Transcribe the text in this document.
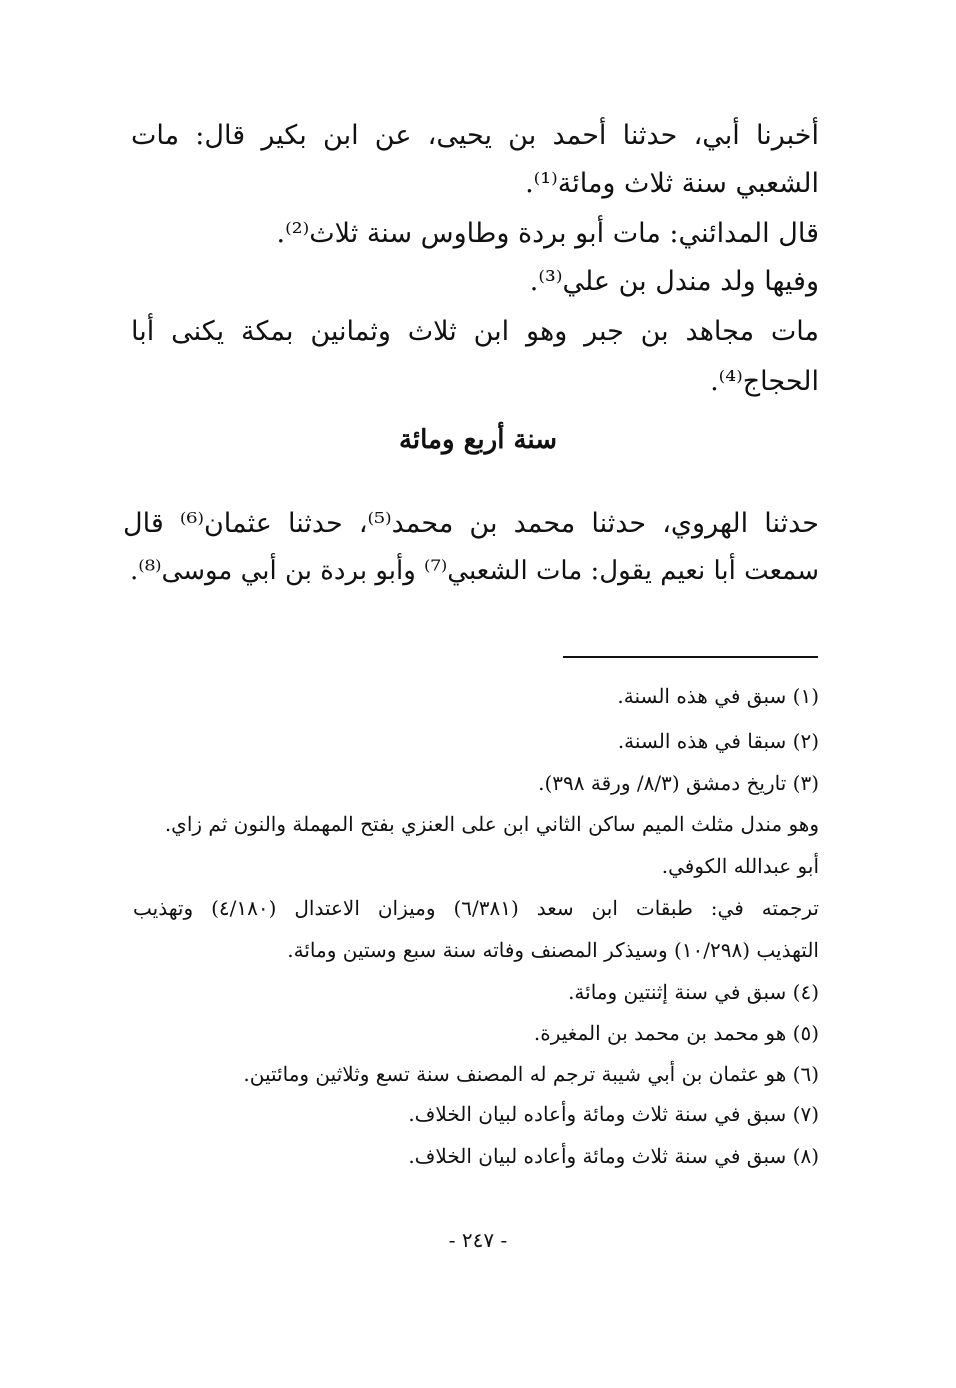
أخبرنا أبي، حدثنا أحمد بن يحيى، عن ابن بكير قال: مات
الشعبي سنة ثلاث ومائة⁽¹⁾.
قال المدائني: مات أبو بردة وطاوس سنة ثلاث⁽²⁾.
وفيها ولد مندل بن علي⁽³⁾.
مات مجاهد بن جبر وهو ابن ثلاث وثمانين بمكة يكنى أبا
الحجاج⁽⁴⁾.
سنة أربع ومائة
حدثنا الهروي، حدثنا محمد بن محمد⁽⁵⁾، حدثنا عثمان⁽⁶⁾ قال
سمعت أبا نعيم يقول: مات الشعبي⁽⁷⁾ وأبو بردة بن أبي موسى⁽⁸⁾.
(١) سبق في هذه السنة.
(٢) سبقا في هذه السنة.
(٣) تاريخ دمشق (٨/٣/ ورقة ٣٩٨).
وهو مندل مثلث الميم ساكن الثاني ابن على العنزي بفتح المهملة والنون ثم زاي.
أبو عبدالله الكوفي.
ترجمته في: طبقات ابن سعد (٦/٣٨١) وميزان الاعتدال (٤/١٨٠) وتهذيب
التهذيب (١٠/٢٩٨) وسيذكر المصنف وفاته سنة سبع وستين ومائة.
(٤) سبق في سنة إثنتين ومائة.
(٥) هو محمد بن محمد بن المغيرة.
(٦) هو عثمان بن أبي شيبة ترجم له المصنف سنة تسع وثلاثين ومائتين.
(٧) سبق في سنة ثلاث ومائة وأعاده لبيان الخلاف.
(٨) سبق في سنة ثلاث ومائة وأعاده لبيان الخلاف.
- ٢٤٧ -
